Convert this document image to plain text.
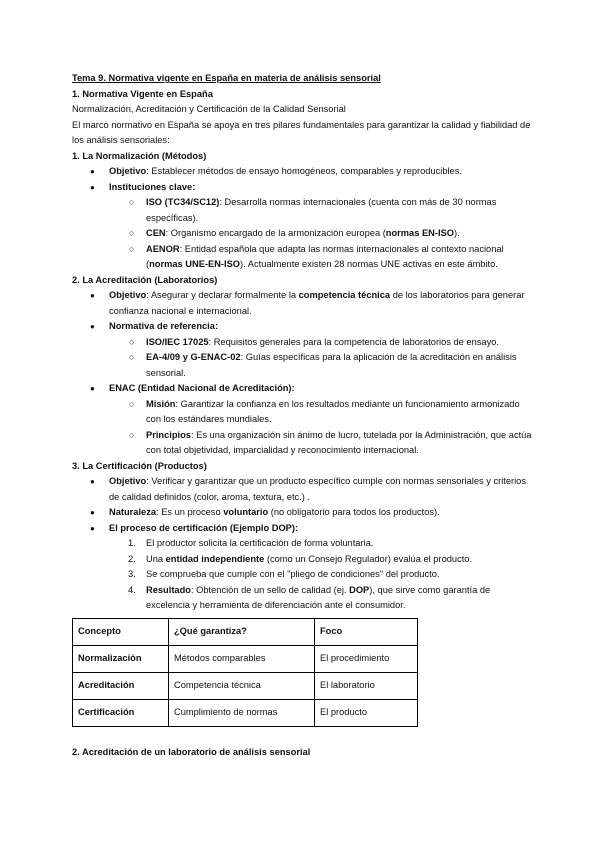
Tema 9. Normativa vigente en España en materia de análisis sensorial

1. Normativa Vigente en España

Normalización, Acreditación y Certificación de la Calidad Sensorial

El marco normativo en España se apoya en tres pilares fundamentales para garantizar la calidad y fiabilidad de los análisis sensoriales:

1. La Normalización (Métodos)

● Objetivo: Establecer métodos de ensayo homogéneos, comparables y reproducibles.
● Instituciones clave:
○ ISO (TC34/SC12): Desarrolla normas internacionales (cuenta con más de 30 normas específicas).
○ CEN: Organismo encargado de la armonización europea (normas EN-ISO).
○ AENOR: Entidad española que adapta las normas internacionales al contexto nacional (normas UNE-EN-ISO). Actualmente existen 28 normas UNE activas en este ámbito.

2. La Acreditación (Laboratorios)

● Objetivo: Asegurar y declarar formalmente la competencia técnica de los laboratorios para generar confianza nacional e internacional.
● Normativa de referencia:
○ ISO/IEC 17025: Requisitos generales para la competencia de laboratorios de ensayo.
○ EA-4/09 y G-ENAC-02: Guías específicas para la aplicación de la acreditación en análisis sensorial.
● ENAC (Entidad Nacional de Acreditación):
○ Misión: Garantizar la confianza en los resultados mediante un funcionamiento armonizado con los estándares mundiales.
○ Principios: Es una organización sin ánimo de lucro, tutelada por la Administración, que actúa con total objetividad, imparcialidad y reconocimiento internacional.

3. La Certificación (Productos)

● Objetivo: Verificar y garantizar que un producto específico cumple con normas sensoriales y criterios de calidad definidos (color, aroma, textura, etc.) .
● Naturaleza: Es un proceso voluntario (no obligatorio para todos los productos).
● El proceso de certificación (Ejemplo DOP):
1. El productor solicita la certificación de forma voluntaria.
2. Una entidad independiente (como un Consejo Regulador) evalúa el producto.
3. Se comprueba que cumple con el "pliego de condiciones" del producto.
4. Resultado: Obtención de un sello de calidad (ej. DOP), que sirve como garantía de excelencia y herramienta de diferenciación ante el consumidor.
Concepto	¿Qué garantiza?	Foco
Normalización	Métodos comparables	El procedimiento
Acreditación	Competencia técnica	El laboratorio
Certificación	Cumplimiento de normas	El producto

2. Acreditación de un laboratorio de análisis sensorial
